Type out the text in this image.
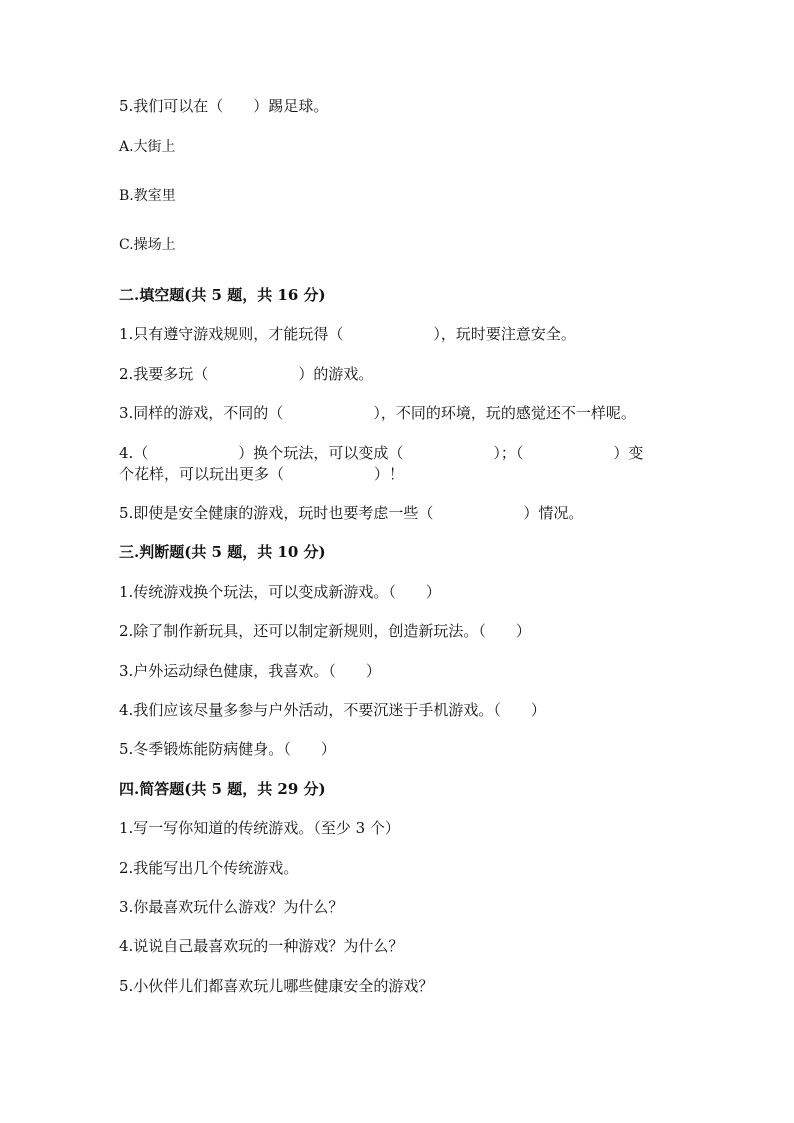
5.我们可以在（　　）踢足球。
A.大街上
B.教室里
C.操场上
二.填空题(共 5 题，共 16 分)
1.只有遵守游戏规则，才能玩得（　　　　　　），玩时要注意安全。
2.我要多玩（　　　　　　）的游戏。
3.同样的游戏，不同的（　　　　　　），不同的环境，玩的感觉还不一样呢。
4.（　　　　　　）换个玩法，可以变成（　　　　　　）；（　　　　　　）变
个花样，可以玩出更多（　　　　　　）！
5.即使是安全健康的游戏，玩时也要考虑一些（　　　　　　）情况。
三.判断题(共 5 题，共 10 分)
1.传统游戏换个玩法，可以变成新游戏。（　　）
2.除了制作新玩具，还可以制定新规则，创造新玩法。（　　）
3.户外运动绿色健康，我喜欢。（　　）
4.我们应该尽量多参与户外活动，不要沉迷于手机游戏。（　　）
5.冬季锻炼能防病健身。（　　）
四.简答题(共 5 题，共 29 分)
1.写一写你知道的传统游戏。（至少 3 个）
2.我能写出几个传统游戏。
3.你最喜欢玩什么游戏？为什么？
4.说说自己最喜欢玩的一种游戏？为什么？
5.小伙伴儿们都喜欢玩儿哪些健康安全的游戏？
